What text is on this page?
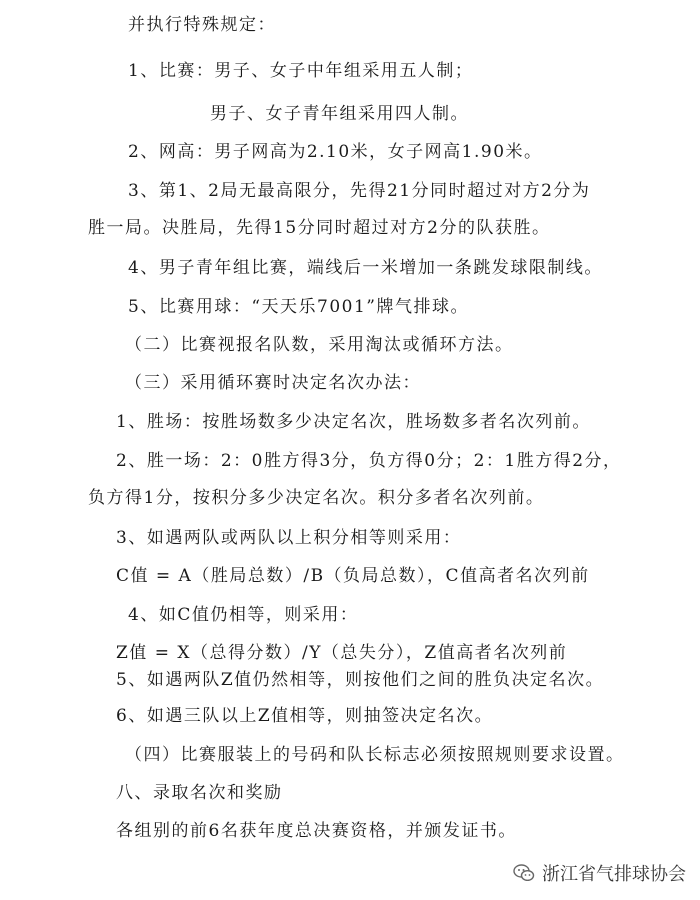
并执行特殊规定：
1、比赛：男子、女子中年组采用五人制；
男子、女子青年组采用四人制。
2、网高：男子网高为2.10米，女子网高1.90米。
3、第1、2局无最高限分，先得21分同时超过对方2分为
胜一局。决胜局，先得15分同时超过对方2分的队获胜。
4、男子青年组比赛，端线后一米增加一条跳发球限制线。
5、比赛用球：“天天乐7001”牌气排球。
（二）比赛视报名队数，采用淘汰或循环方法。
（三）采用循环赛时决定名次办法：
1、胜场：按胜场数多少决定名次，胜场数多者名次列前。
2、胜一场：2：0胜方得3分，负方得0分；2：1胜方得2分，
负方得1分，按积分多少决定名次。积分多者名次列前。
3、如遇两队或两队以上积分相等则采用：
C值 = A（胜局总数）/B（负局总数），C值高者名次列前
4、如C值仍相等，则采用：
Z值 = X（总得分数）/Y（总失分），Z值高者名次列前
5、如遇两队Z值仍然相等，则按他们之间的胜负决定名次。
6、如遇三队以上Z值相等，则抽签决定名次。
（四）比赛服装上的号码和队长标志必须按照规则要求设置。
八、录取名次和奖励
各组别的前6名获年度总决赛资格，并颁发证书。
浙江省气排球协会
